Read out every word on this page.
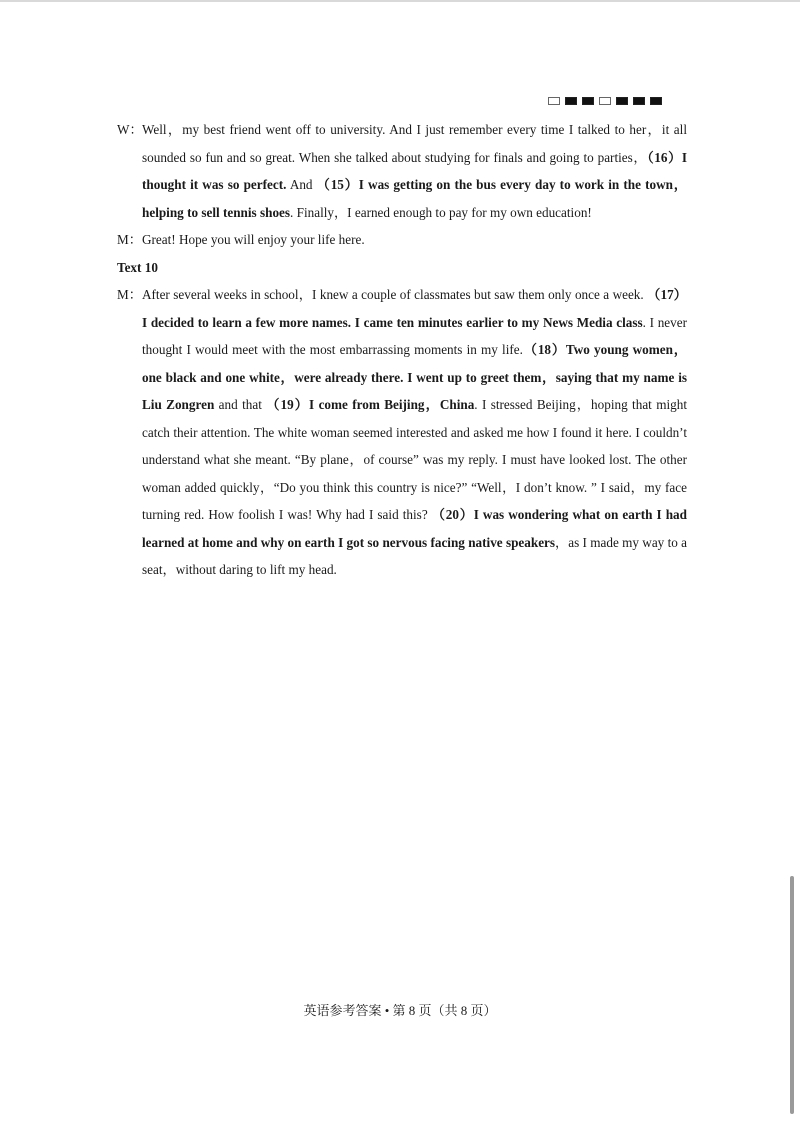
W： Well，my best friend went off to university. And I just remember every time I talked to her，it all sounded so fun and so great. When she talked about studying for finals and going to parties，（16）I thought it was so perfect. And （15）I was getting on the bus every day to work in the town，helping to sell tennis shoes. Finally，I earned enough to pay for my own education!
M： Great! Hope you will enjoy your life here.
Text 10
M： After several weeks in school，I knew a couple of classmates but saw them only once a week. （17）I decided to learn a few more names. I came ten minutes earlier to my News Media class. I never thought I would meet with the most embarrassing moments in my life.（18）Two young women，one black and one white，were already there. I went up to greet them，saying that my name is Liu Zongren and that （19）I come from Beijing，China. I stressed Beijing，hoping that might catch their attention. The white woman seemed interested and asked me how I found it here. I couldn’t understand what she meant. “By plane，of course” was my reply. I must have looked lost. The other woman added quickly，“Do you think this country is nice?” “Well，I don’t know. ” I said，my face turning red. How foolish I was! Why had I said this? （20）I was wondering what on earth I had learned at home and why on earth I got so nervous facing native speakers，as I made my way to a seat，without daring to lift my head.
英语参考答案 • 第 8 页（共 8 页）
